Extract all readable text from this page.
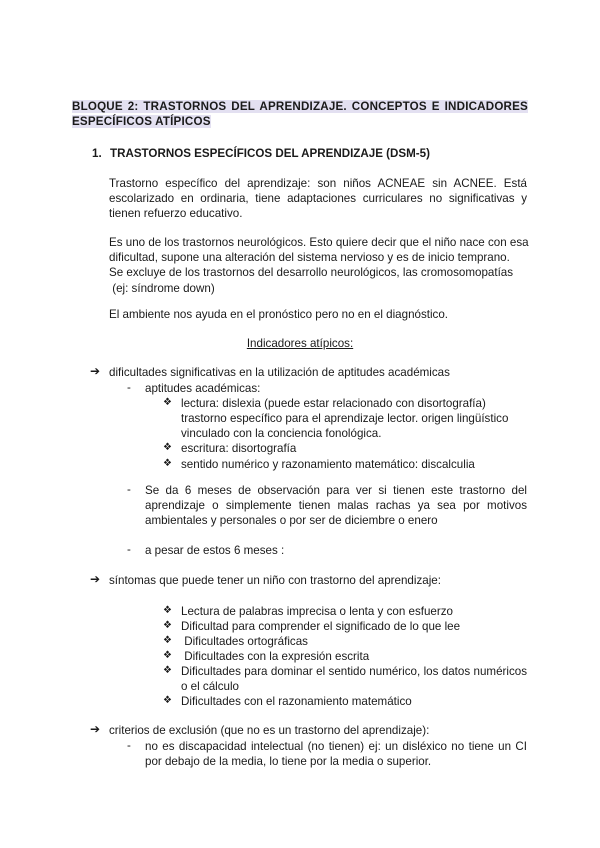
BLOQUE 2: TRASTORNOS DEL APRENDIZAJE. CONCEPTOS E INDICADORES
ESPECÍFICOS ATÍPICOS
1. TRASTORNOS ESPECÍFICOS DEL APRENDIZAJE (DSM-5)
Trastorno específico del aprendizaje: son niños ACNEAE sin ACNEE. Está escolarizado en ordinaria, tiene adaptaciones curriculares no significativas y tienen refuerzo educativo.
Es uno de los trastornos neurológicos. Esto quiere decir que el niño nace con esa
dificultad, supone una alteración del sistema nervioso y es de inicio temprano.
Se excluye de los trastornos del desarrollo neurológicos, las cromosomopatías
(ej: síndrome down)
El ambiente nos ayuda en el pronóstico pero no en el diagnóstico.
Indicadores atípicos:
➔ dificultades significativas en la utilización de aptitudes académicas
- aptitudes académicas:
❖ lectura: dislexia (puede estar relacionado con disortografía) trastorno específico para el aprendizaje lector. origen lingüístico vinculado con la conciencia fonológica.
❖ escritura: disortografía
❖ sentido numérico y razonamiento matemático: discalculia
- Se da 6 meses de observación para ver si tienen este trastorno del aprendizaje o simplemente tienen malas rachas ya sea por motivos ambientales y personales o por ser de diciembre o enero
- a pesar de estos 6 meses :
➔ síntomas que puede tener un niño con trastorno del aprendizaje:
❖ Lectura de palabras imprecisa o lenta y con esfuerzo
❖ Dificultad para comprender el significado de lo que lee
❖ Dificultades ortográficas
❖ Dificultades con la expresión escrita
❖ Dificultades para dominar el sentido numérico, los datos numéricos o el cálculo
❖ Dificultades con el razonamiento matemático
➔ criterios de exclusión (que no es un trastorno del aprendizaje):
- no es discapacidad intelectual (no tienen) ej: un disléxico no tiene un CI por debajo de la media, lo tiene por la media o superior.
